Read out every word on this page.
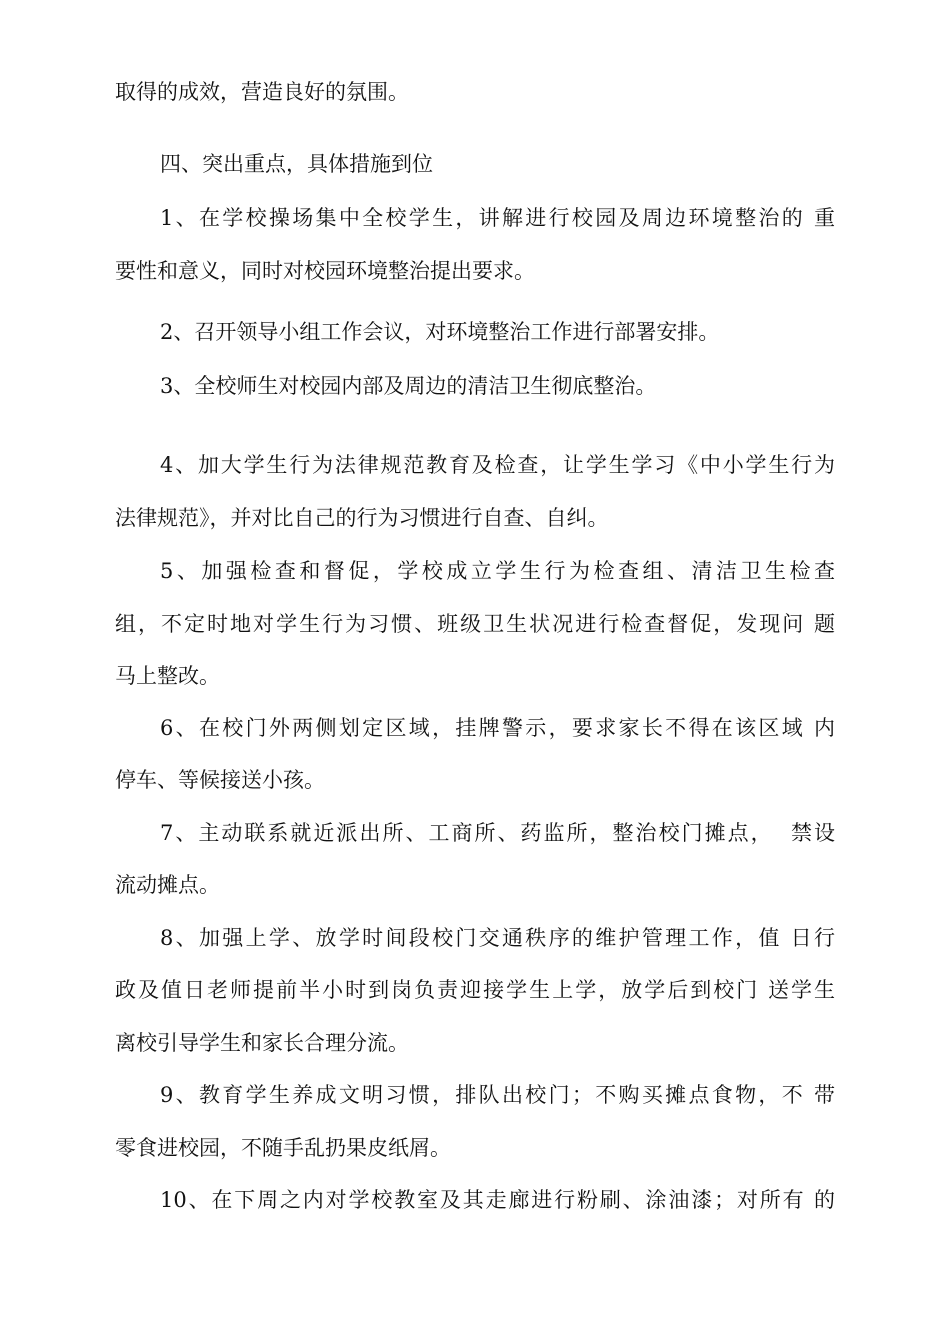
取得的成效，营造良好的氛围。
四、突出重点，具体措施到位
1、在学校操场集中全校学生，讲解进行校园及周边环境整治的 重
要性和意义，同时对校园环境整治提出要求。
2、召开领导小组工作会议，对环境整治工作进行部署安排。
3、全校师生对校园内部及周边的清洁卫生彻底整治。
4、加大学生行为法律规范教育及检查，让学生学习《中小学生行为
法律规范》，并对比自己的行为习惯进行自查、自纠。
5、加强检查和督促，学校成立学生行为检查组、清洁卫生检查
组，不定时地对学生行为习惯、班级卫生状况进行检查督促，发现问 题
马上整改。
6、在校门外两侧划定区域，挂牌警示，要求家长不得在该区域 内
停车、等候接送小孩。
7、主动联系就近派出所、工商所、药监所，整治校门摊点，  禁设
流动摊点。
8、加强上学、放学时间段校门交通秩序的维护管理工作，值 日行
政及值日老师提前半小时到岗负责迎接学生上学，放学后到校门 送学生
离校引导学生和家长合理分流。
9、教育学生养成文明习惯，排队出校门；不购买摊点食物，不 带
零食进校园，不随手乱扔果皮纸屑。
10、在下周之内对学校教室及其走廊进行粉刷、涂油漆；对所有 的
